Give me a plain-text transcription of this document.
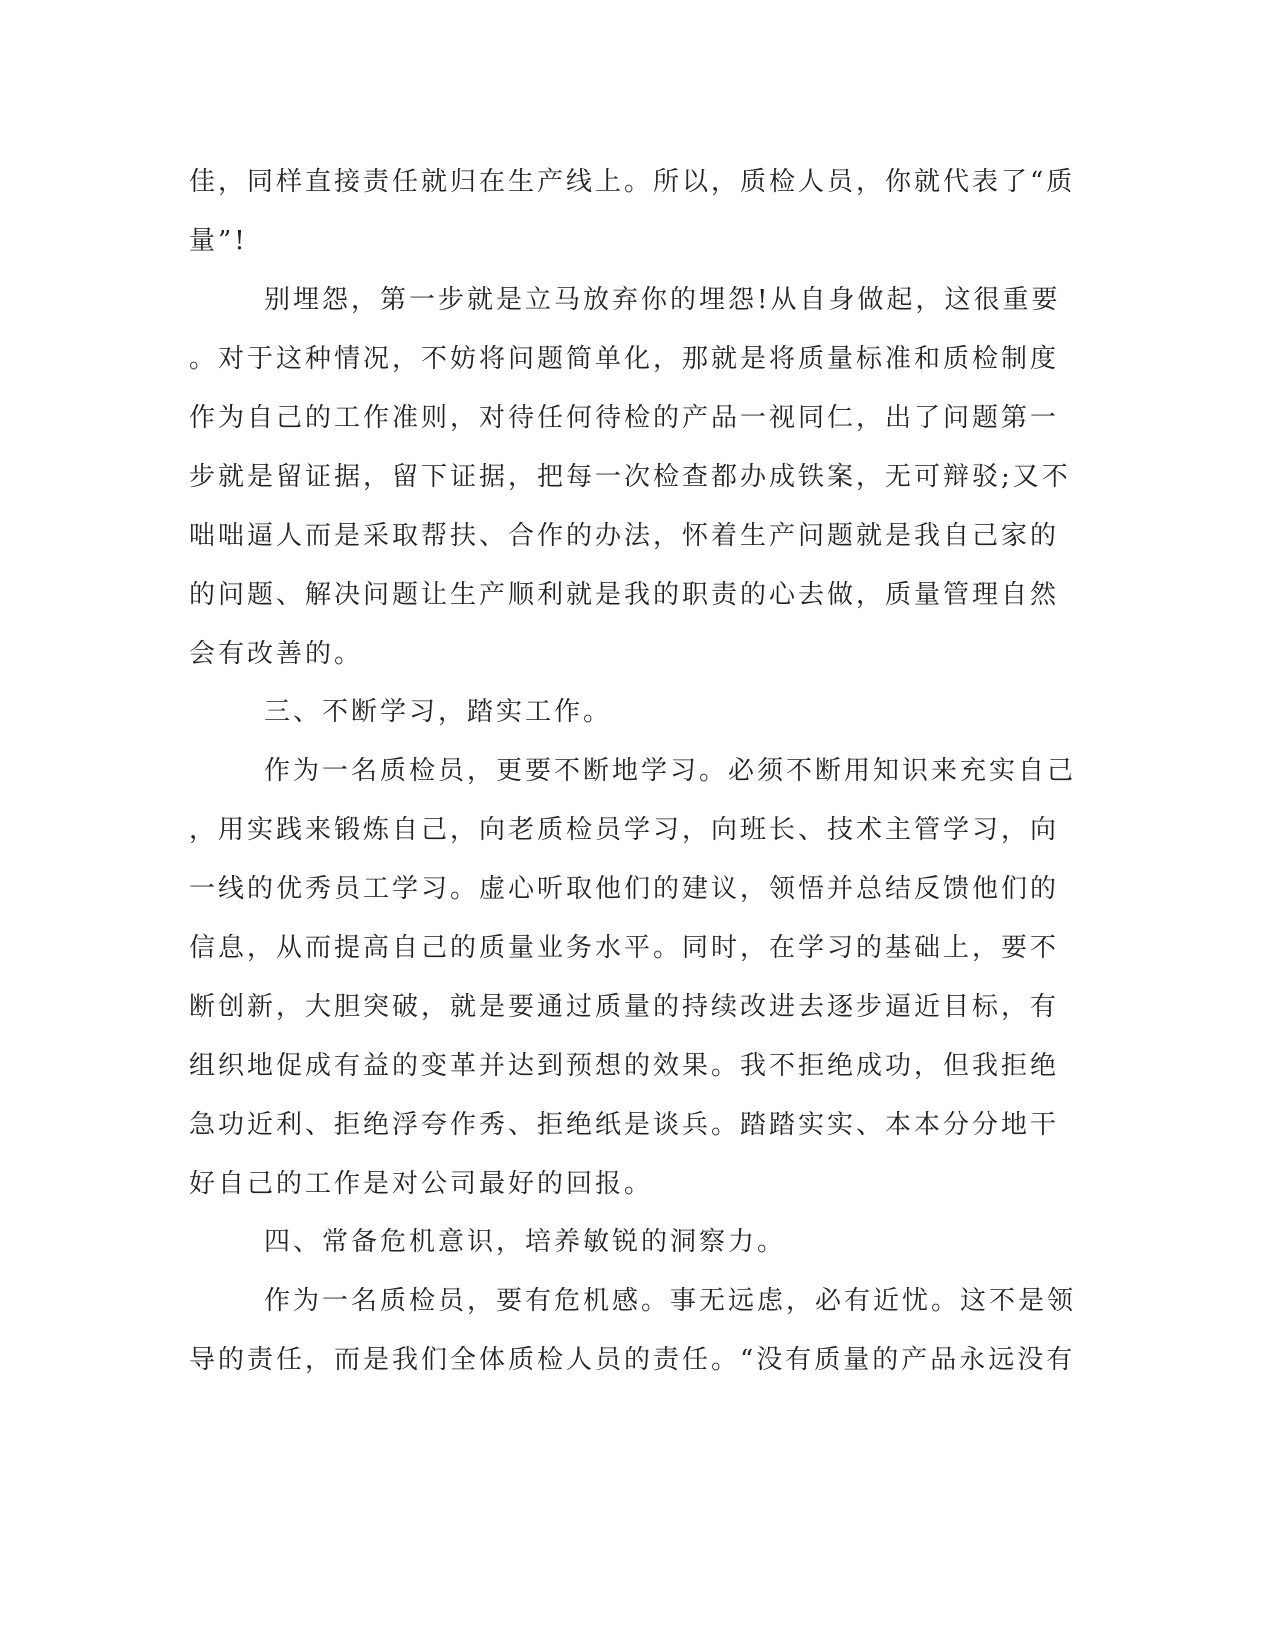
佳，同样直接责任就归在生产线上。所以，质检人员，你就代表了“质
量”!
别埋怨，第一步就是立马放弃你的埋怨!从自身做起，这很重要
。对于这种情况，不妨将问题简单化，那就是将质量标准和质检制度
作为自己的工作准则，对待任何待检的产品一视同仁，出了问题第一
步就是留证据，留下证据，把每一次检查都办成铁案，无可辩驳;又不
咄咄逼人而是采取帮扶、合作的办法，怀着生产问题就是我自己家的
的问题、解决问题让生产顺利就是我的职责的心去做，质量管理自然
会有改善的。
三、不断学习，踏实工作。
作为一名质检员，更要不断地学习。必须不断用知识来充实自己
，用实践来锻炼自己，向老质检员学习，向班长、技术主管学习，向
一线的优秀员工学习。虚心听取他们的建议，领悟并总结反馈他们的
信息，从而提高自己的质量业务水平。同时，在学习的基础上，要不
断创新，大胆突破，就是要通过质量的持续改进去逐步逼近目标，有
组织地促成有益的变革并达到预想的效果。我不拒绝成功，但我拒绝
急功近利、拒绝浮夸作秀、拒绝纸是谈兵。踏踏实实、本本分分地干
好自己的工作是对公司最好的回报。
四、常备危机意识，培养敏锐的洞察力。
作为一名质检员，要有危机感。事无远虑，必有近忧。这不是领
导的责任，而是我们全体质检人员的责任。“没有质量的产品永远没有
